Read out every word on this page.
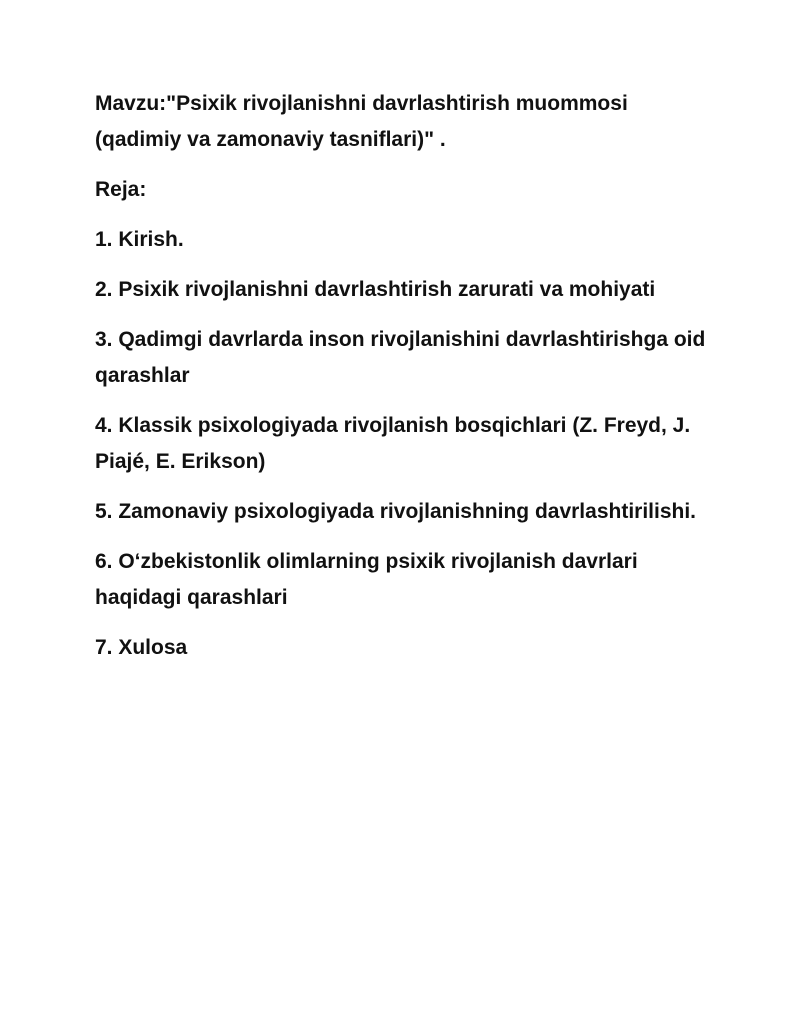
Mavzu:"Psixik rivojlanishni davrlashtirish muommosi (qadimiy va zamonaviy tasniflari)" .

Reja:

1. Kirish.

2. Psixik rivojlanishni davrlashtirish zarurati va mohiyati

3. Qadimgi davrlarda inson rivojlanishini davrlashtirishga oid qarashlar

4. Klassik psixologiyada rivojlanish bosqichlari (Z. Freyd, J. Piajé, E. Erikson)

5. Zamonaviy psixologiyada rivojlanishning davrlashtirilishi.

6. O‘zbekistonlik olimlarning psixik rivojlanish davrlari haqidagi qarashlari

7. Xulosa
